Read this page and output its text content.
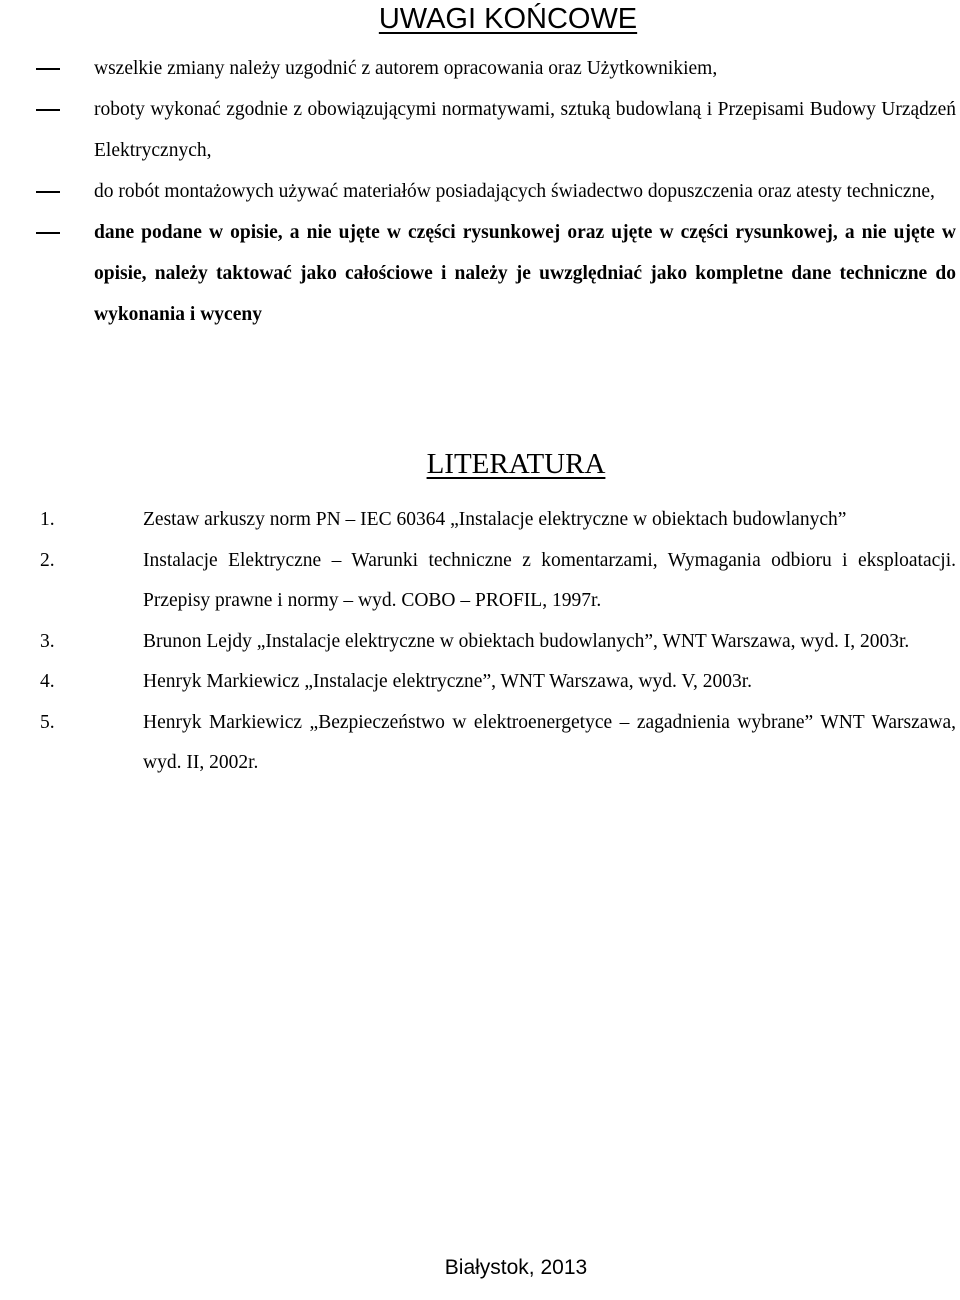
UWAGI KOŃCOWE
wszelkie zmiany należy uzgodnić z autorem opracowania oraz Użytkownikiem,
roboty wykonać zgodnie z obowiązującymi normatywami, sztuką budowlaną i Przepisami Budowy Urządzeń Elektrycznych,
do robót montażowych używać materiałów posiadających świadectwo dopuszczenia oraz atesty techniczne,
dane podane w opisie, a nie ujęte w części rysunkowej oraz ujęte w części rysunkowej, a nie ujęte w opisie, należy taktować jako całościowe i należy je uwzględniać jako kompletne dane techniczne do wykonania i wyceny
LITERATURA
1.	Zestaw arkuszy norm PN – IEC 60364 „Instalacje elektryczne w obiektach budowlanych”
2.	Instalacje Elektryczne – Warunki techniczne z komentarzami, Wymagania odbioru i eksploatacji. Przepisy prawne i normy – wyd. COBO – PROFIL, 1997r.
3.	Brunon Lejdy „Instalacje elektryczne w obiektach budowlanych”, WNT Warszawa, wyd. I, 2003r.
4.	Henryk Markiewicz „Instalacje elektryczne”, WNT Warszawa, wyd. V, 2003r.
5.	Henryk Markiewicz „Bezpieczeństwo w elektroenergetyce – zagadnienia wybrane” WNT Warszawa, wyd. II, 2002r.
Białystok, 2013
